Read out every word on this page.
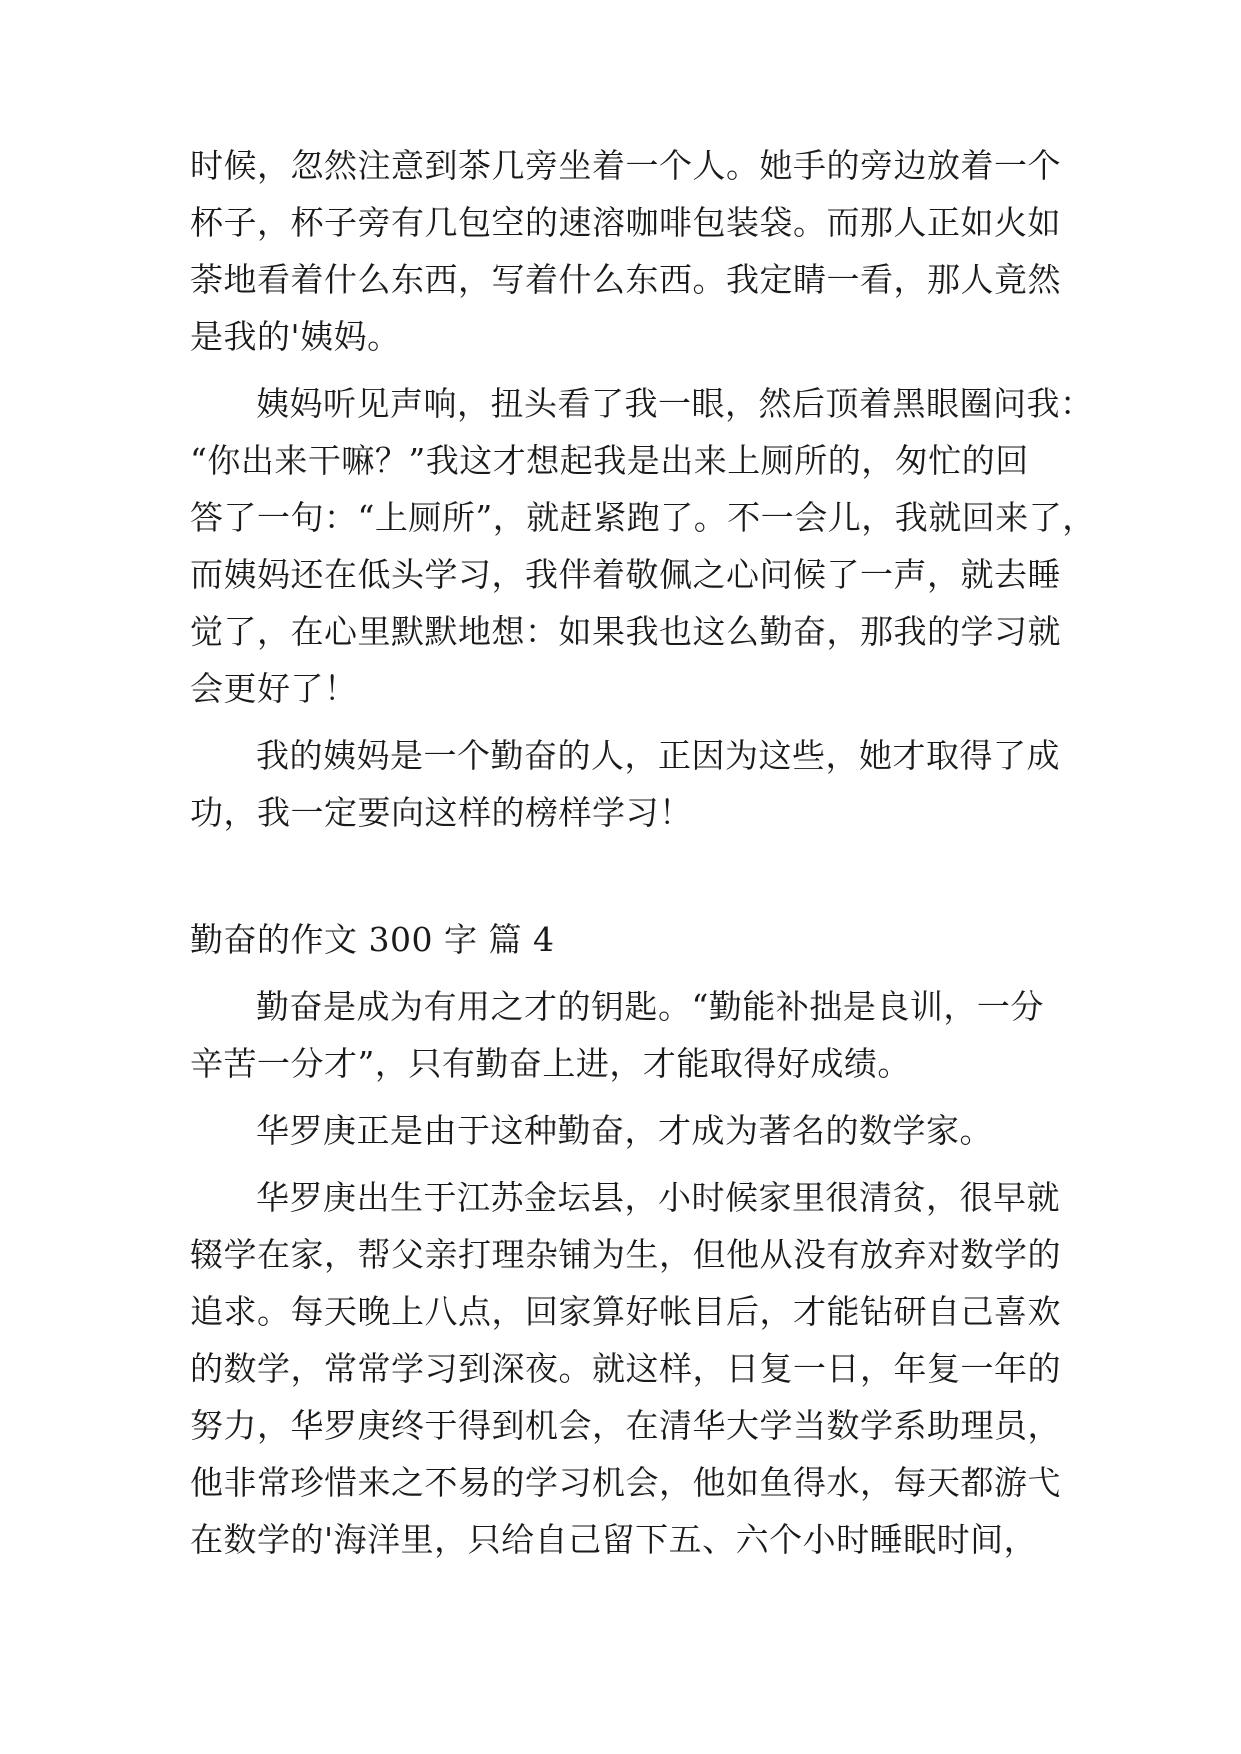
时候，忽然注意到茶几旁坐着一个人。她手的旁边放着一个
杯子，杯子旁有几包空的速溶咖啡包装袋。而那人正如火如
荼地看着什么东西，写着什么东西。我定睛一看，那人竟然
是我的'姨妈。
姨妈听见声响，扭头看了我一眼，然后顶着黑眼圈问我：
“你出来干嘛？”我这才想起我是出来上厕所的，匆忙的回
答了一句：“上厕所”，就赶紧跑了。不一会儿，我就回来了，
而姨妈还在低头学习，我伴着敬佩之心问候了一声，就去睡
觉了，在心里默默地想：如果我也这么勤奋，那我的学习就
会更好了！
我的姨妈是一个勤奋的人，正因为这些，她才取得了成
功，我一定要向这样的榜样学习！
勤奋的作文 300 字 篇 4
勤奋是成为有用之才的钥匙。“勤能补拙是良训，一分
辛苦一分才”，只有勤奋上进，才能取得好成绩。
华罗庚正是由于这种勤奋，才成为著名的数学家。
华罗庚出生于江苏金坛县，小时候家里很清贫，很早就
辍学在家，帮父亲打理杂铺为生，但他从没有放弃对数学的
追求。每天晚上八点，回家算好帐目后，才能钻研自己喜欢
的数学，常常学习到深夜。就这样，日复一日，年复一年的
努力，华罗庚终于得到机会，在清华大学当数学系助理员，
他非常珍惜来之不易的学习机会，他如鱼得水，每天都游弋
在数学的'海洋里，只给自己留下五、六个小时睡眠时间，
